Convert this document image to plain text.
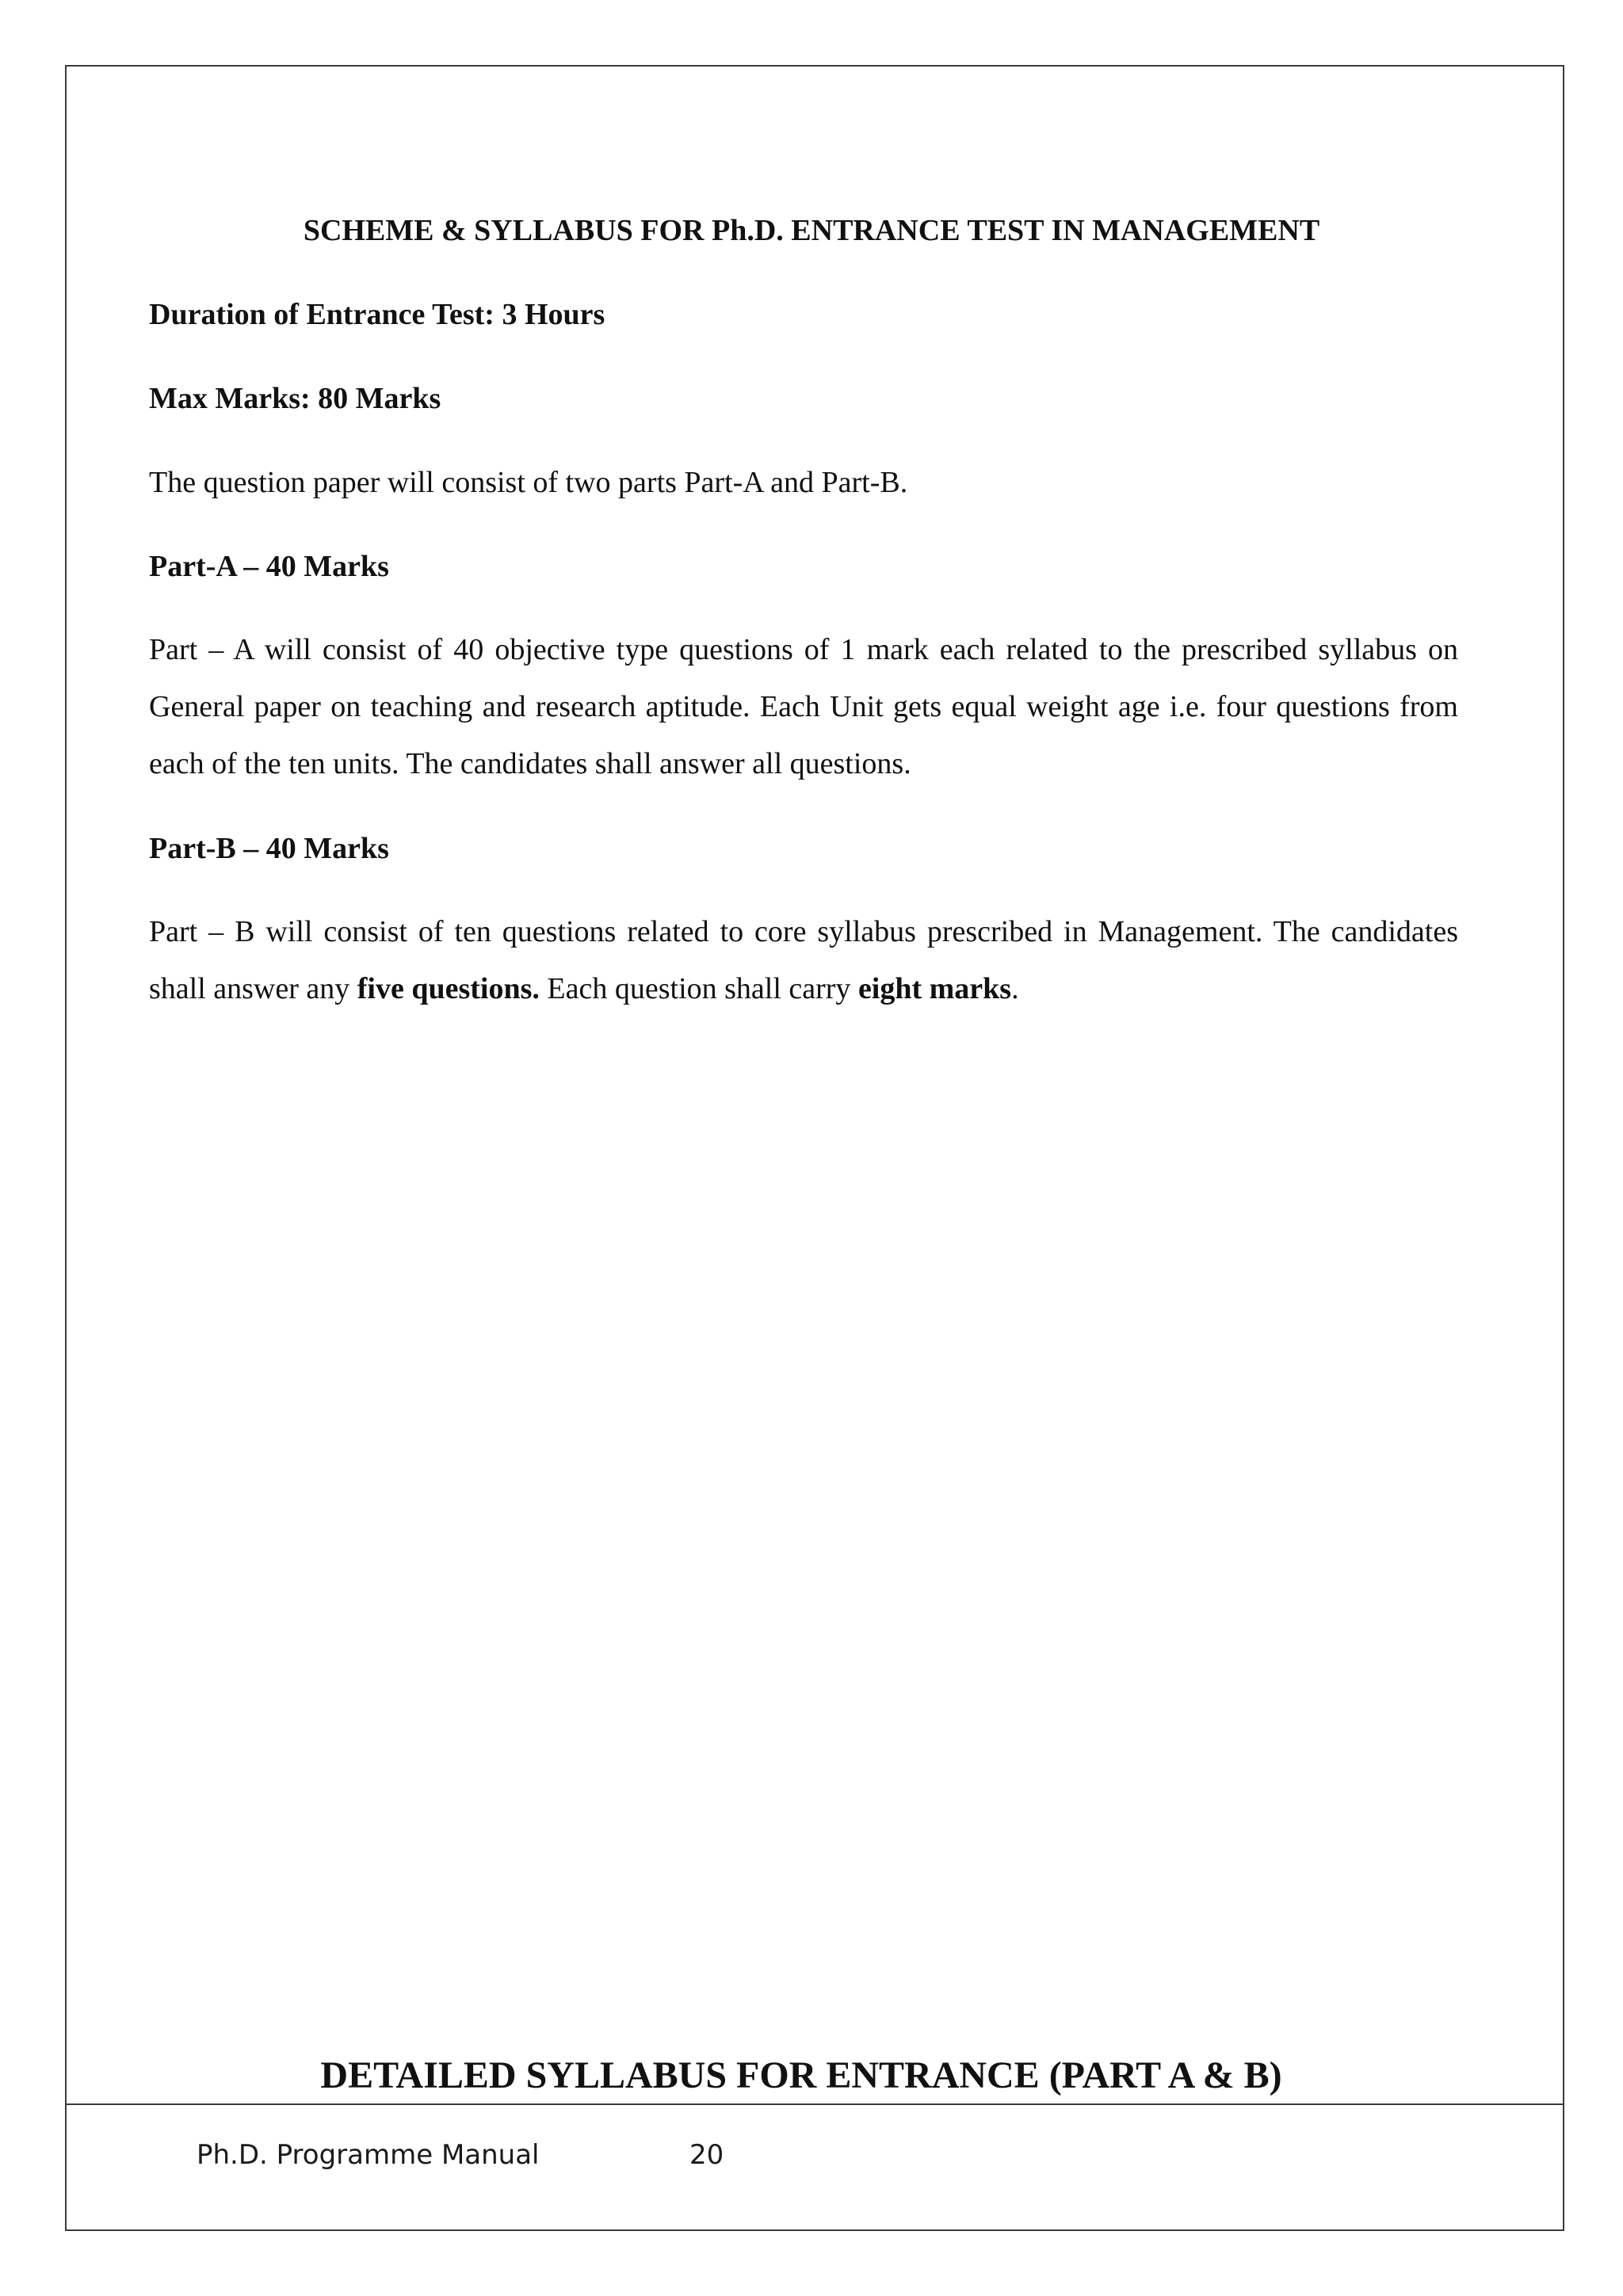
SCHEME & SYLLABUS FOR Ph.D. ENTRANCE TEST IN MANAGEMENT

Duration of Entrance Test: 3 Hours

Max Marks: 80 Marks

The question paper will consist of two parts Part-A and Part-B.

Part-A – 40 Marks

Part – A will consist of 40 objective type questions of 1 mark each related to the prescribed syllabus on General paper on teaching and research aptitude. Each Unit gets equal weight age i.e. four questions from each of the ten units. The candidates shall answer all questions.

Part-B – 40 Marks

Part – B will consist of ten questions related to core syllabus prescribed in Management. The candidates shall answer any five questions. Each question shall carry eight marks.

DETAILED SYLLABUS FOR ENTRANCE (PART A & B)
Ph.D. Programme Manual	20
